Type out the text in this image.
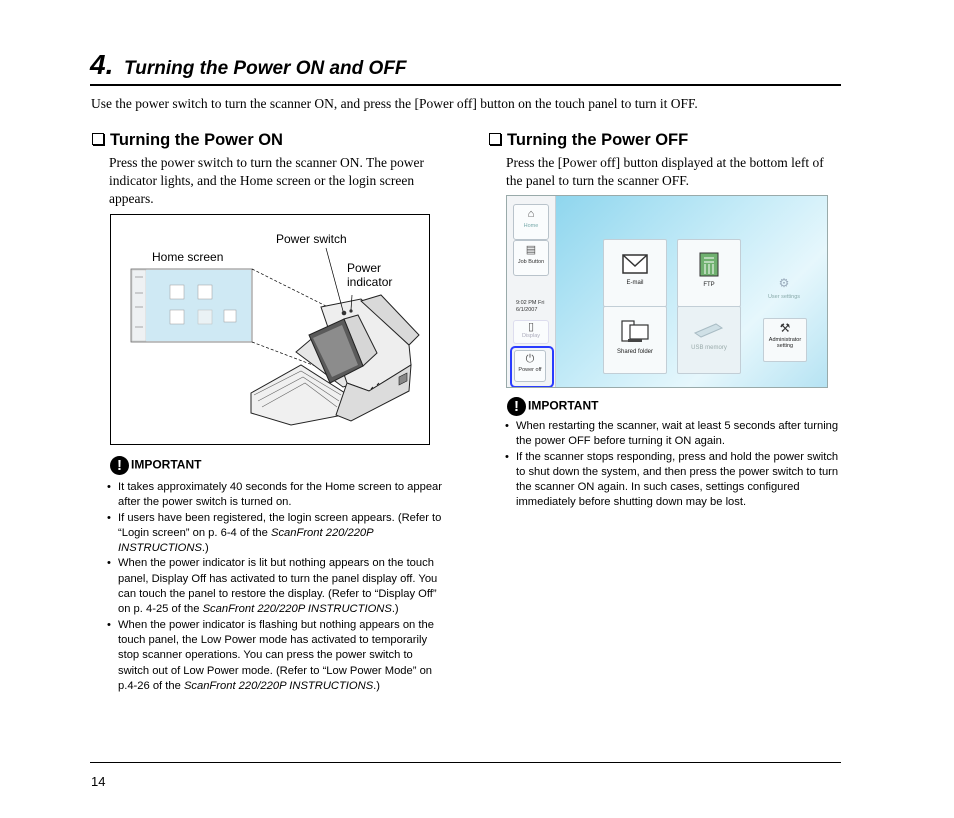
4. Turning the Power ON and OFF
Use the power switch to turn the scanner ON, and press the [Power off] button on the touch panel to turn it OFF.
Turning the Power ON
Press the power switch to turn the scanner ON. The power indicator lights, and the Home screen or the login screen appears.
Home screen
Power switch
Power
indicator
! IMPORTANT
• It takes approximately 40 seconds for the Home screen to appear after the power switch is turned on.
• If users have been registered, the login screen appears. (Refer to “Login screen” on p. 6-4 of the ScanFront 220/220P INSTRUCTIONS.)
• When the power indicator is lit but nothing appears on the touch panel, Display Off has activated to turn the panel display off. You can touch the panel to restore the display. (Refer to “Display Off” on p. 4-25 of the ScanFront 220/220P INSTRUCTIONS.)
• When the power indicator is flashing but nothing appears on the touch panel, the Low Power mode has activated to temporarily stop scanner operations. You can press the power switch to switch out of Low Power mode. (Refer to “Low Power Mode” on p.4-26 of the ScanFront 220/220P INSTRUCTIONS.)
Turning the Power OFF
Press the [Power off] button displayed at the bottom left of the panel to turn the scanner OFF.
⌂
Home
▤
Job Button
9:02 PM Fri
6/1/2007
▯
Display
⏻
Power off
E-mail	FTP
Shared folder
USB memory
⚙
User settings
⚒
Administrator
setting
! IMPORTANT
• When restarting the scanner, wait at least 5 seconds after turning the power OFF before turning it ON again.
• If the scanner stops responding, press and hold the power switch to shut down the system, and then press the power switch to turn the scanner ON again. In such cases, settings configured immediately before shutting down may be lost.
14
